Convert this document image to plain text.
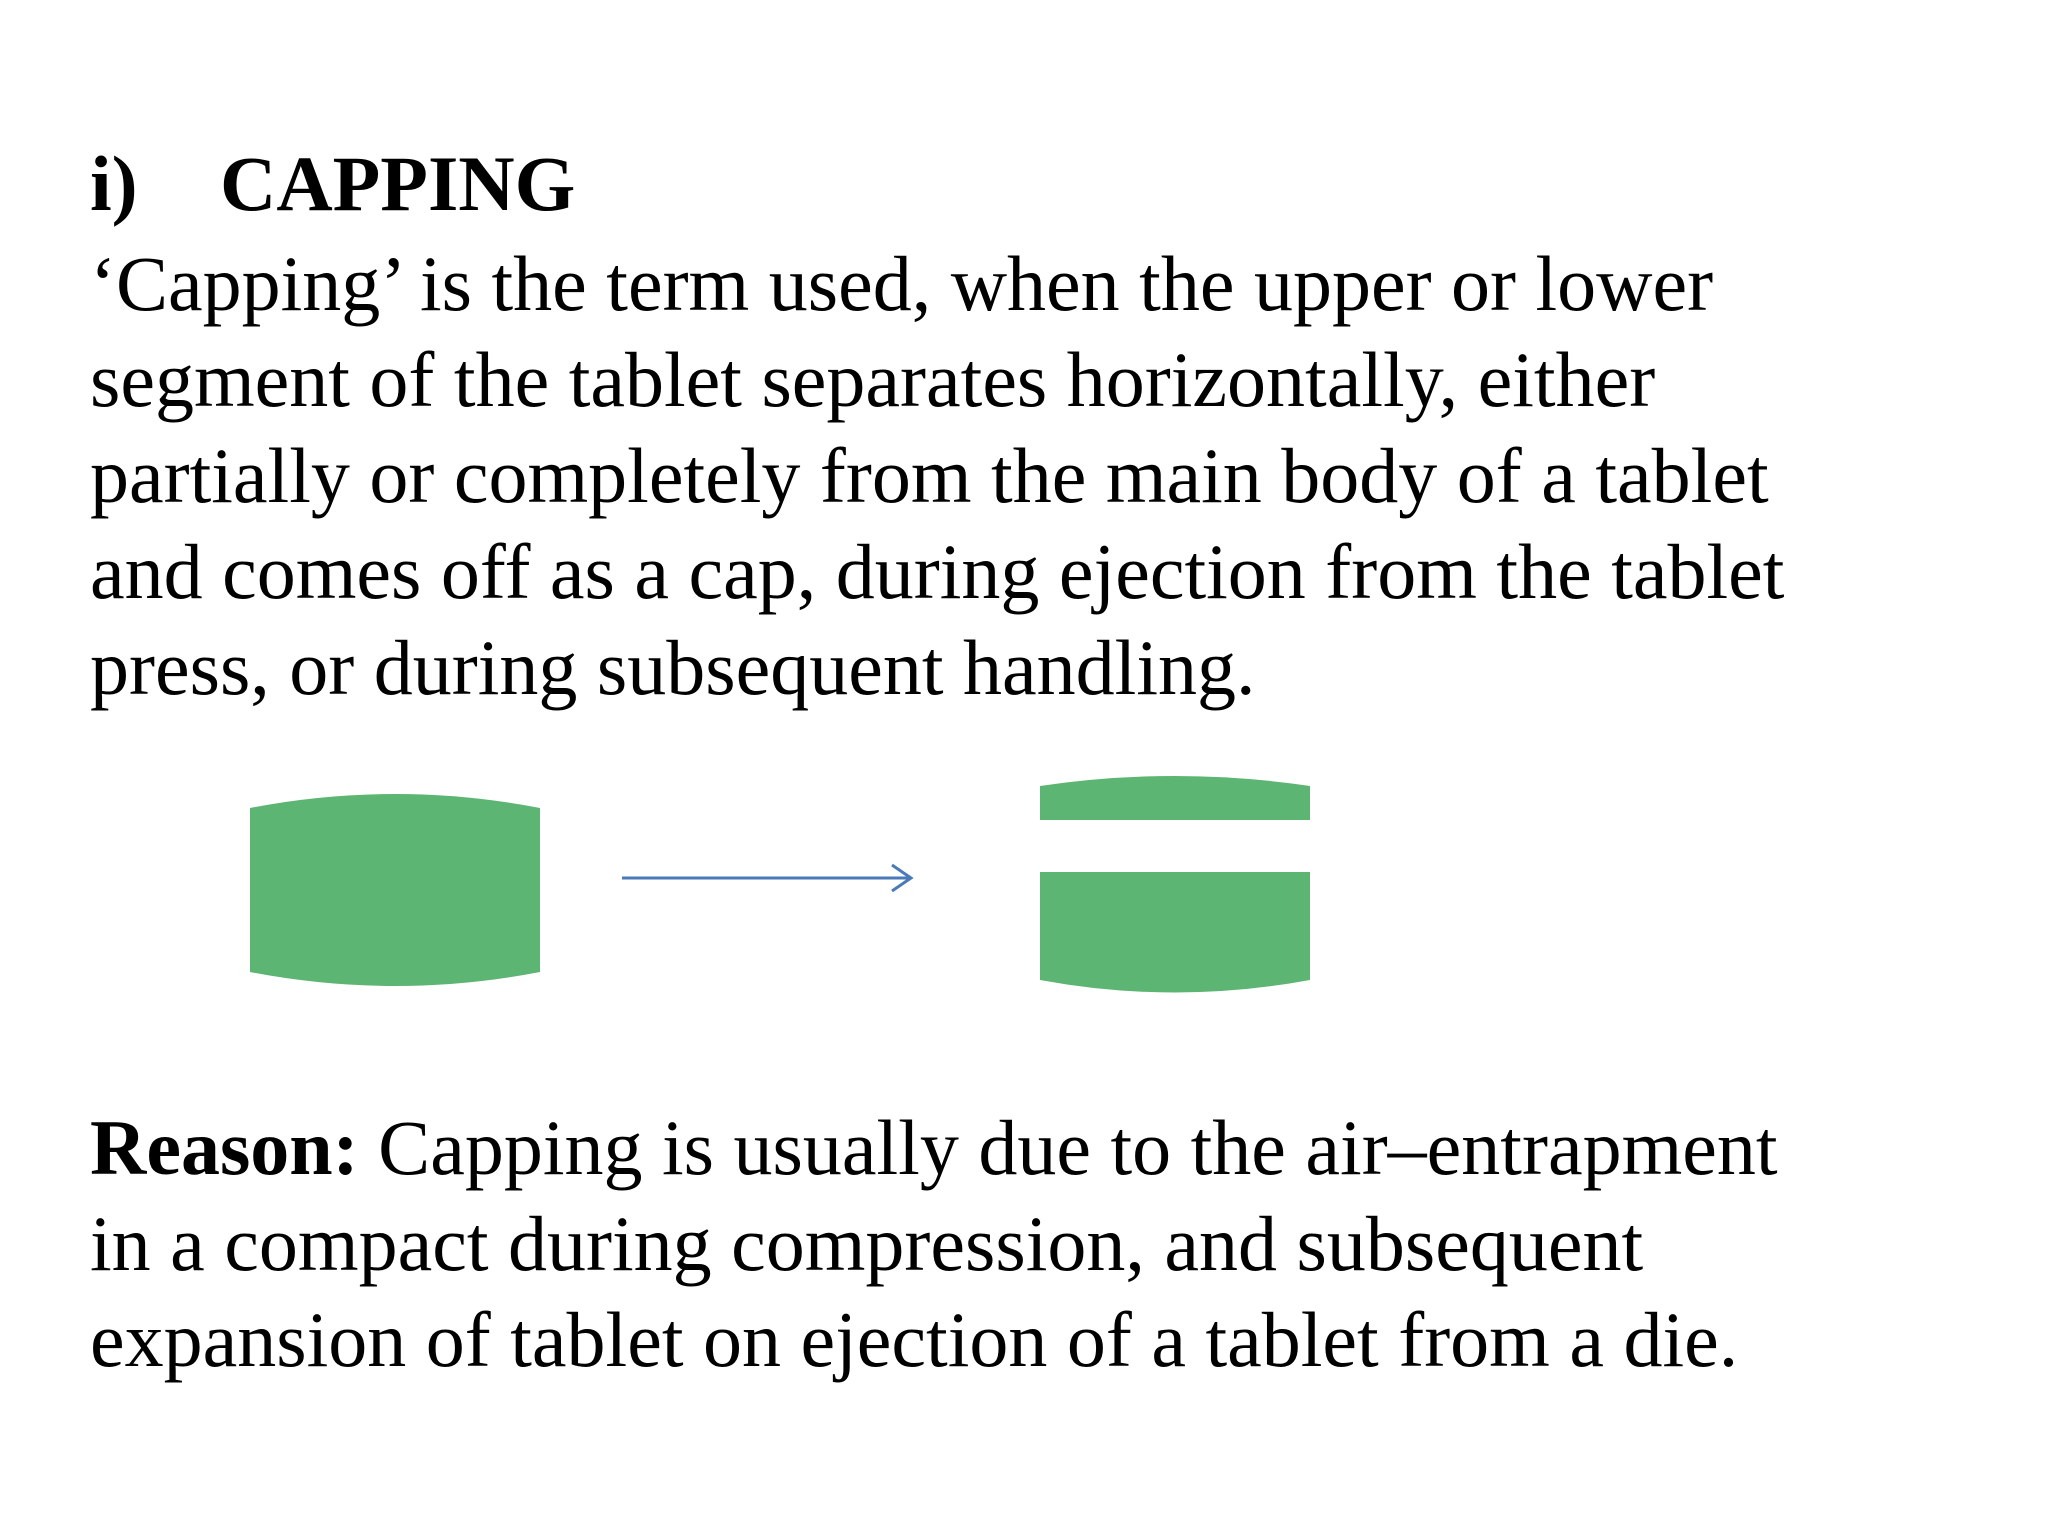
i) CAPPING
‘Capping’ is the term used, when the upper or lower
segment of the tablet separates horizontally, either
partially or completely from the main body of a tablet
and comes off as a cap, during ejection from the tablet
press, or during subsequent handling.
Reason: Capping is usually due to the air–entrapment
in a compact during compression, and subsequent
expansion of tablet on ejection of a tablet from a die.
